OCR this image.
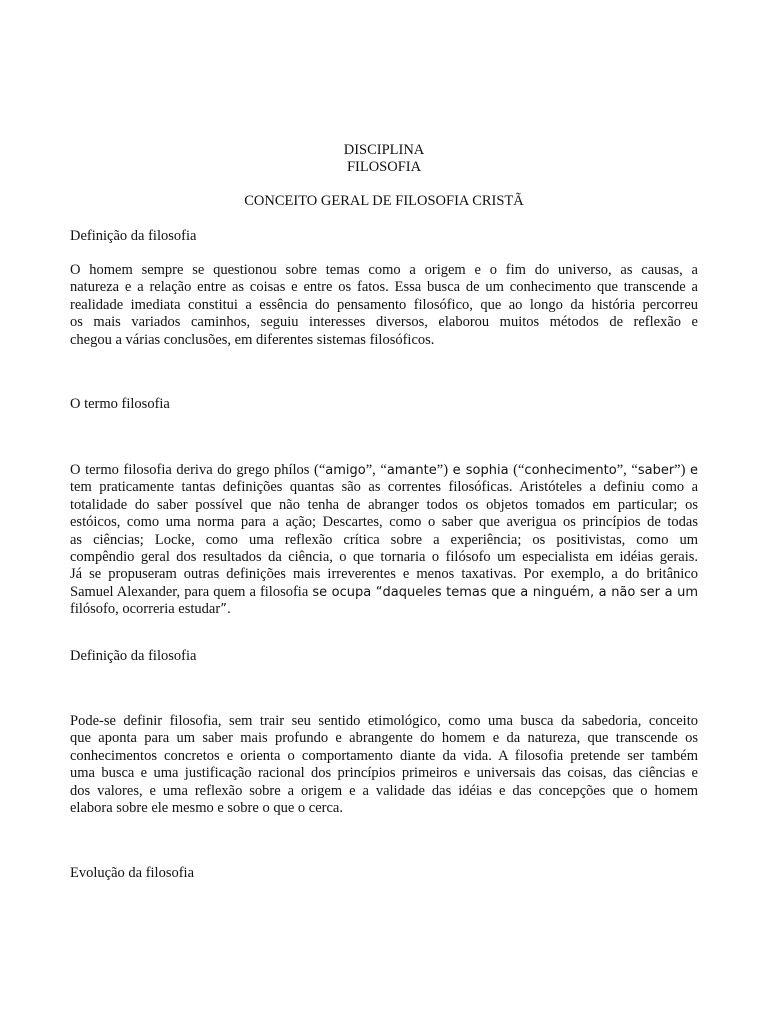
DISCIPLINA
FILOSOFIA
CONCEITO GERAL DE FILOSOFIA CRISTÃ
Definição da filosofia
O homem sempre se questionou sobre temas como a origem e o fim do universo, as causas, a
natureza e a relação entre as coisas e entre os fatos. Essa busca de um conhecimento que transcende a
realidade imediata constitui a essência do pensamento filosófico, que ao longo da história percorreu
os mais variados caminhos, seguiu interesses diversos, elaborou muitos métodos de reflexão e
chegou a várias conclusões, em diferentes sistemas filosóficos.
O termo filosofia
O termo filosofia deriva do grego phílos (“amigo”, “amante”) e sophia (“conhecimento”, “saber”) e
tem praticamente tantas definições quantas são as correntes filosóficas. Aristóteles a definiu como a
totalidade do saber possível que não tenha de abranger todos os objetos tomados em particular; os
estóicos, como uma norma para a ação; Descartes, como o saber que averigua os princípios de todas
as ciências; Locke, como uma reflexão crítica sobre a experiência; os positivistas, como um
compêndio geral dos resultados da ciência, o que tornaria o filósofo um especialista em idéias gerais.
Já se propuseram outras definições mais irreverentes e menos taxativas. Por exemplo, a do britânico
Samuel Alexander, para quem a filosofia se ocupa “daqueles temas que a ninguém, a não ser a um
filósofo, ocorreria estudar”.
Definição da filosofia
Pode-se definir filosofia, sem trair seu sentido etimológico, como uma busca da sabedoria, conceito
que aponta para um saber mais profundo e abrangente do homem e da natureza, que transcende os
conhecimentos concretos e orienta o comportamento diante da vida. A filosofia pretende ser também
uma busca e uma justificação racional dos princípios primeiros e universais das coisas, das ciências e
dos valores, e uma reflexão sobre a origem e a validade das idéias e das concepções que o homem
elabora sobre ele mesmo e sobre o que o cerca.
Evolução da filosofia
